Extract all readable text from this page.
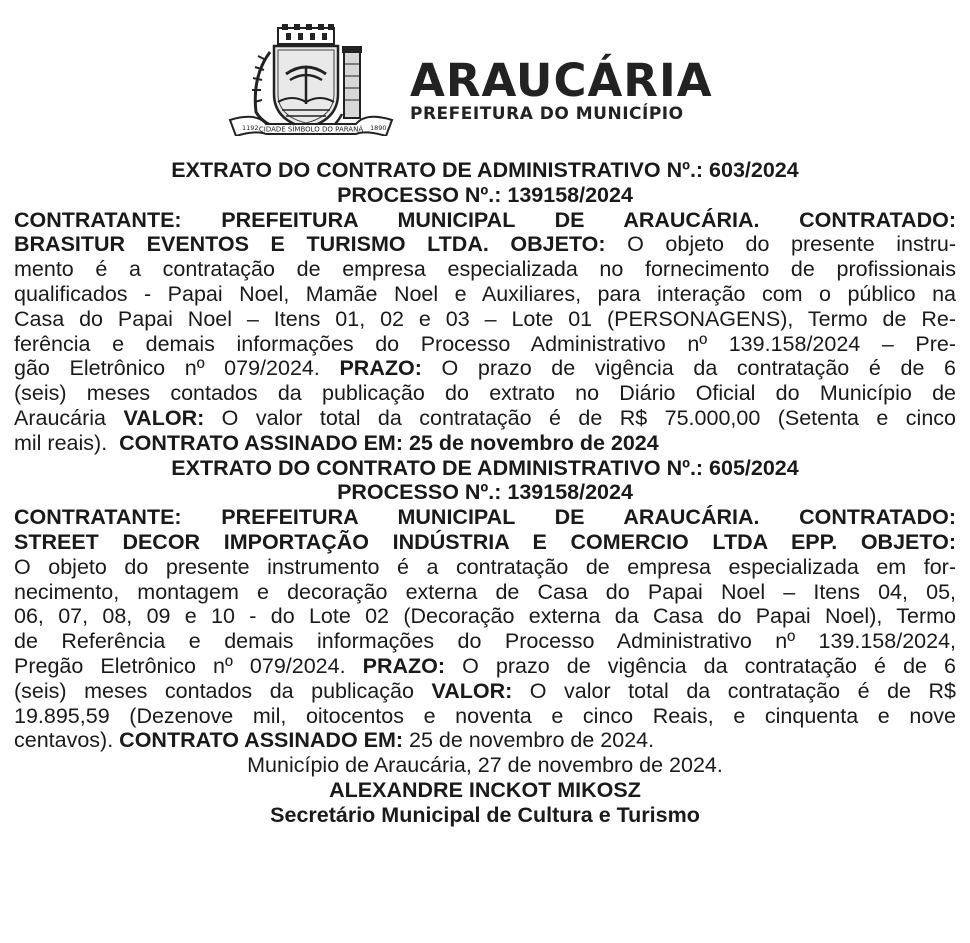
1192 CIDADE SÍMBOLO DO PARANÁ 1890
ARAUCÁRIA
PREFEITURA DO MUNICÍPIO
EXTRATO DO CONTRATO DE ADMINISTRATIVO Nº.: 603/2024
PROCESSO Nº.: 139158/2024
CONTRATANTE: PREFEITURA MUNICIPAL DE ARAUCÁRIA. CONTRATADO:
BRASITUR EVENTOS E TURISMO LTDA. OBJETO: O objeto do presente instru-
mento é a contratação de empresa especializada no fornecimento de profissionais
qualificados - Papai Noel, Mamãe Noel e Auxiliares, para interação com o público na
Casa do Papai Noel – Itens 01, 02 e 03 – Lote 01 (PERSONAGENS), Termo de Re-
ferência e demais informações do Processo Administrativo nº 139.158/2024 – Pre-
gão Eletrônico nº 079/2024. PRAZO: O prazo de vigência da contratação é de 6
(seis) meses contados da publicação do extrato no Diário Oficial do Município de
Araucária VALOR: O valor total da contratação é de R$ 75.000,00 (Setenta e cinco
mil reais).  CONTRATO ASSINADO EM: 25 de novembro de 2024
EXTRATO DO CONTRATO DE ADMINISTRATIVO Nº.: 605/2024
PROCESSO Nº.: 139158/2024
CONTRATANTE: PREFEITURA MUNICIPAL DE ARAUCÁRIA. CONTRATADO:
STREET DECOR IMPORTAÇÃO INDÚSTRIA E COMERCIO LTDA EPP. OBJETO:
O objeto do presente instrumento é a contratação de empresa especializada em for-
necimento, montagem e decoração externa de Casa do Papai Noel – Itens 04, 05,
06, 07, 08, 09 e 10 - do Lote 02 (Decoração externa da Casa do Papai Noel), Termo
de Referência e demais informações do Processo Administrativo nº 139.158/2024,
Pregão Eletrônico nº 079/2024. PRAZO: O prazo de vigência da contratação é de 6
(seis) meses contados da publicação VALOR: O valor total da contratação é de R$
19.895,59 (Dezenove mil, oitocentos e noventa e cinco Reais, e cinquenta e nove
centavos). CONTRATO ASSINADO EM: 25 de novembro de 2024.
Município de Araucária, 27 de novembro de 2024.
ALEXANDRE INCKOT MIKOSZ
Secretário Municipal de Cultura e Turismo
